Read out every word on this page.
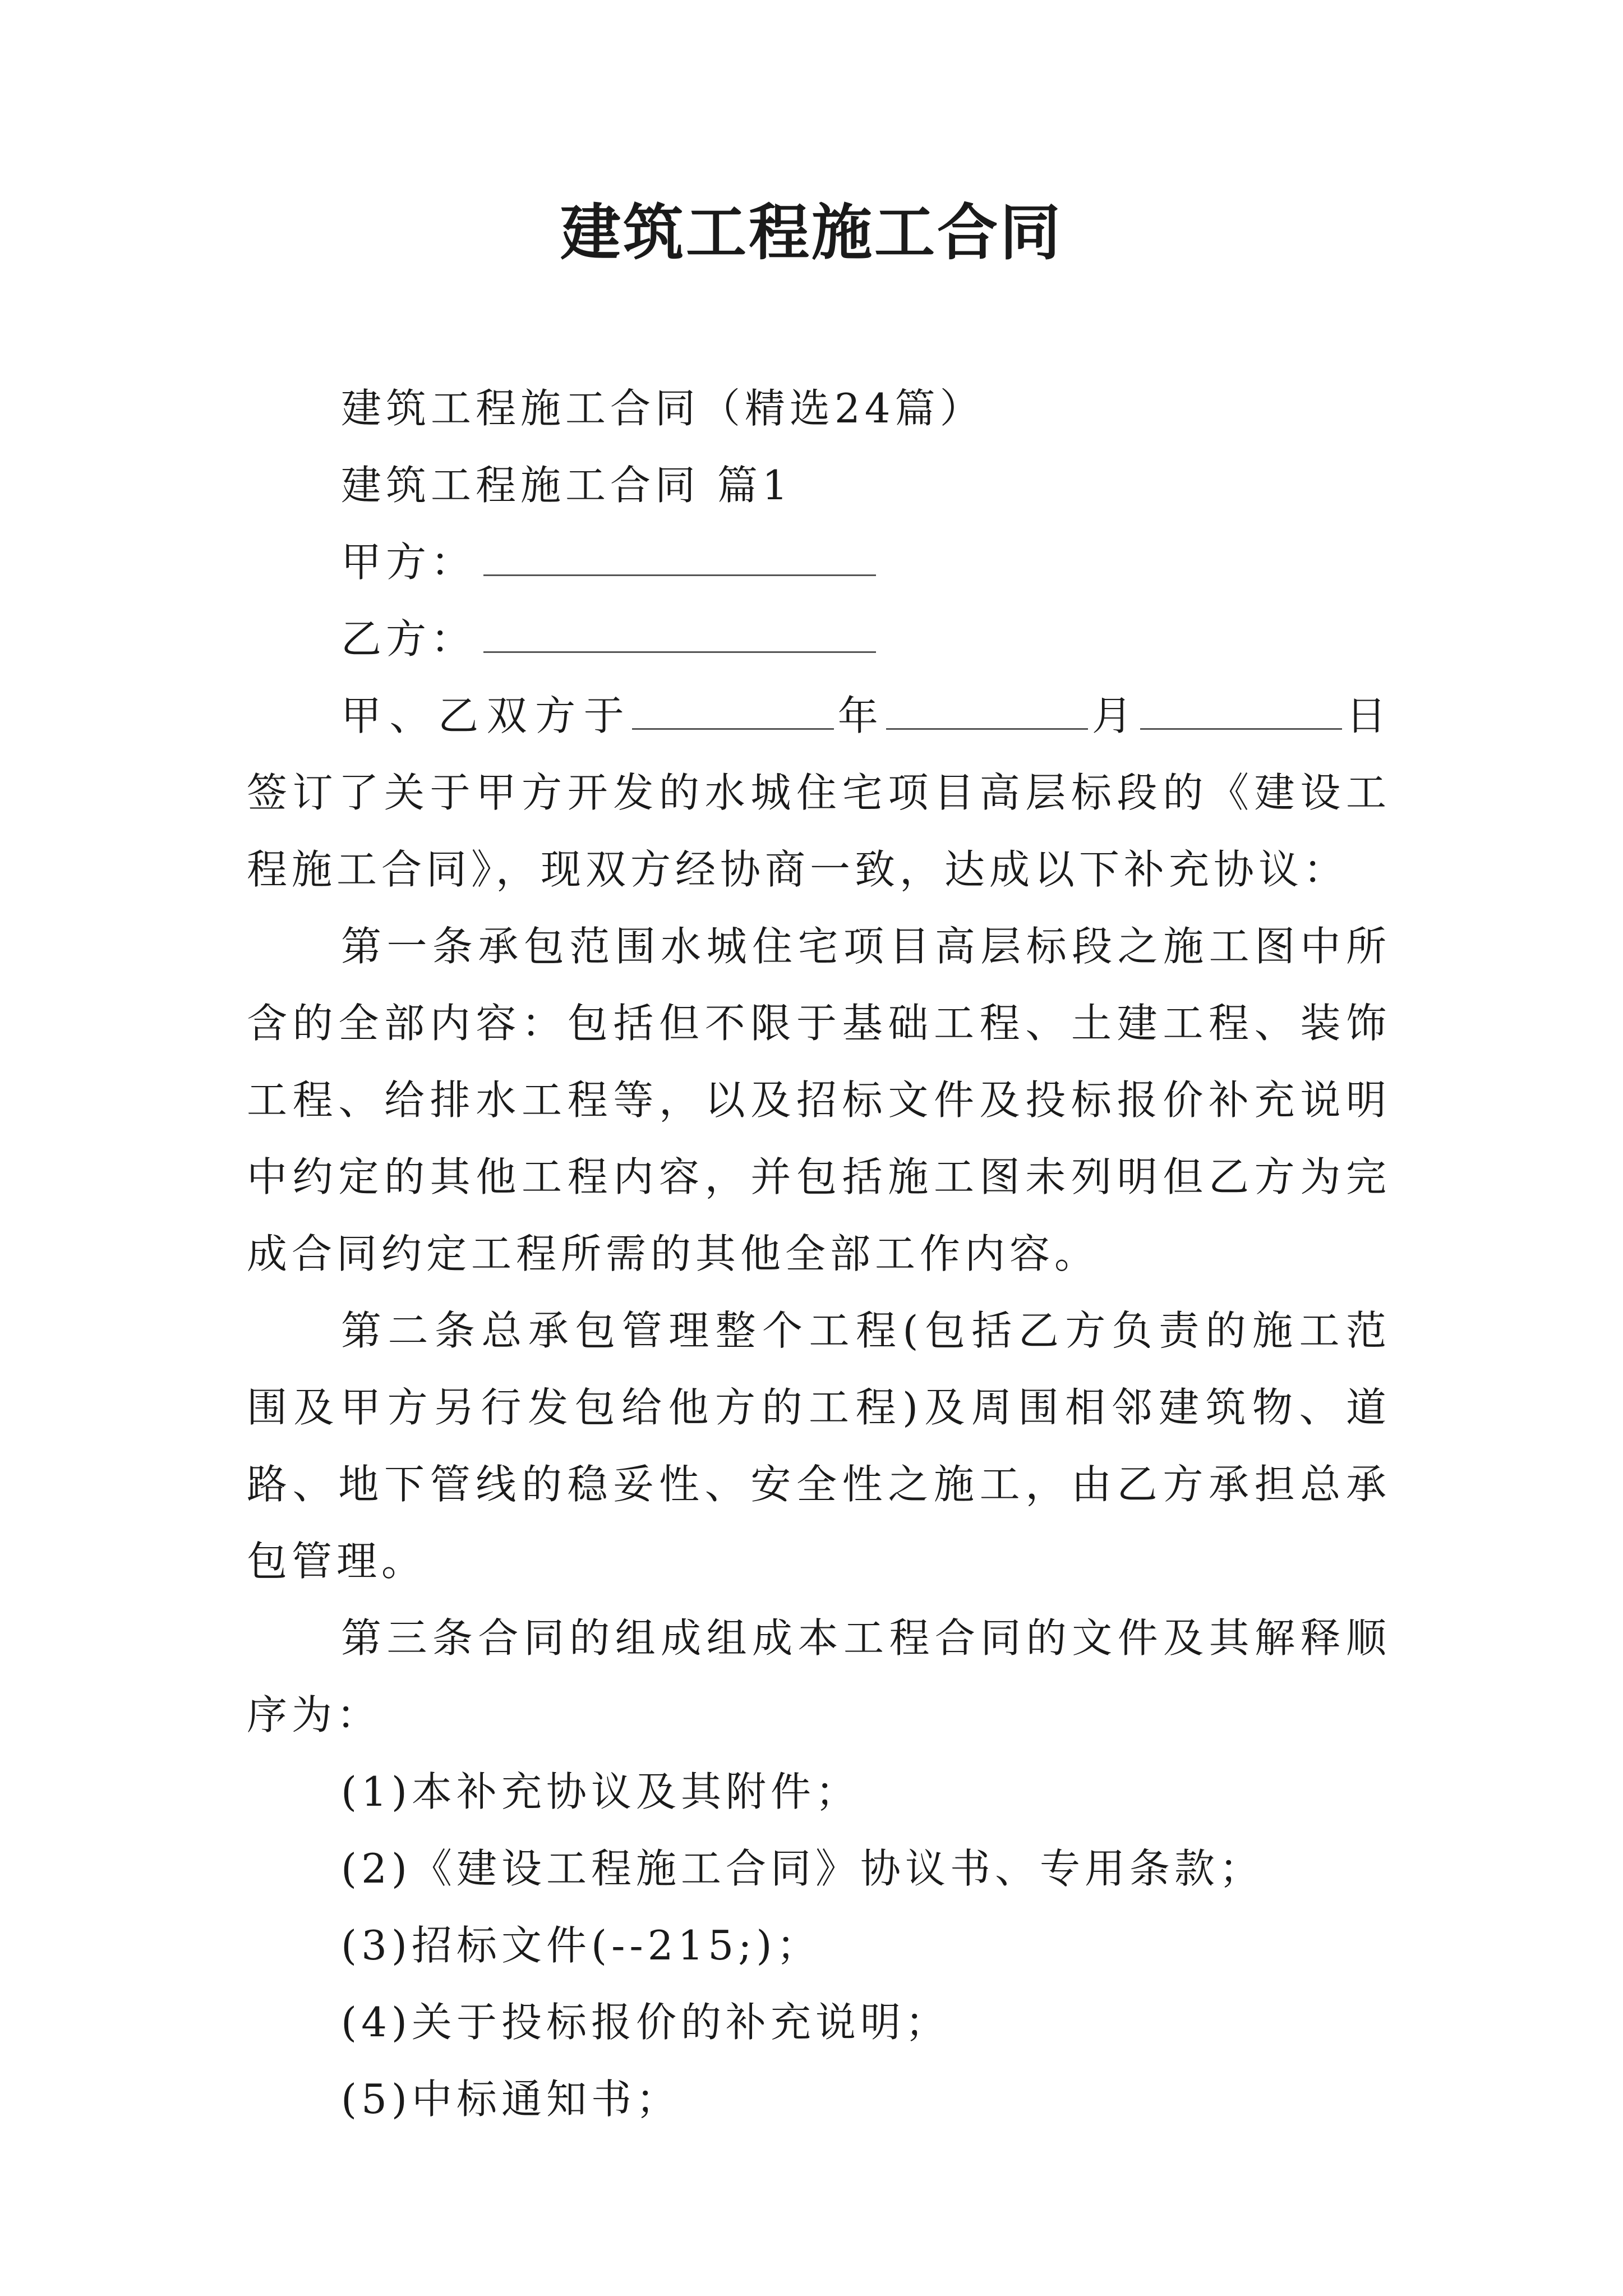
建筑工程施工合同

建筑工程施工合同（精选24篇）

建筑工程施工合同 篇1

甲方：

乙方：

甲、乙双方于	年	月	日签订了关于甲方开发的水城住宅项目高层标段的《建设工程施工合同》，现双方经协商一致，达成以下补充协议：

第一条承包范围水城住宅项目高层标段之施工图中所含的全部内容：包括但不限于基础工程、土建工程、装饰工程、给排水工程等，以及招标文件及投标报价补充说明中约定的其他工程内容，并包括施工图未列明但乙方为完成合同约定工程所需的其他全部工作内容。

第二条总承包管理整个工程(包括乙方负责的施工范围及甲方另行发包给他方的工程)及周围相邻建筑物、道路、地下管线的稳妥性、安全性之施工，由乙方承担总承包管理。

第三条合同的组成组成本工程合同的文件及其解释顺序为：

(1)本补充协议及其附件；

(2)《建设工程施工合同》协议书、专用条款；

(3)招标文件(--215;)；

(4)关于投标报价的补充说明；

(5)中标通知书；
